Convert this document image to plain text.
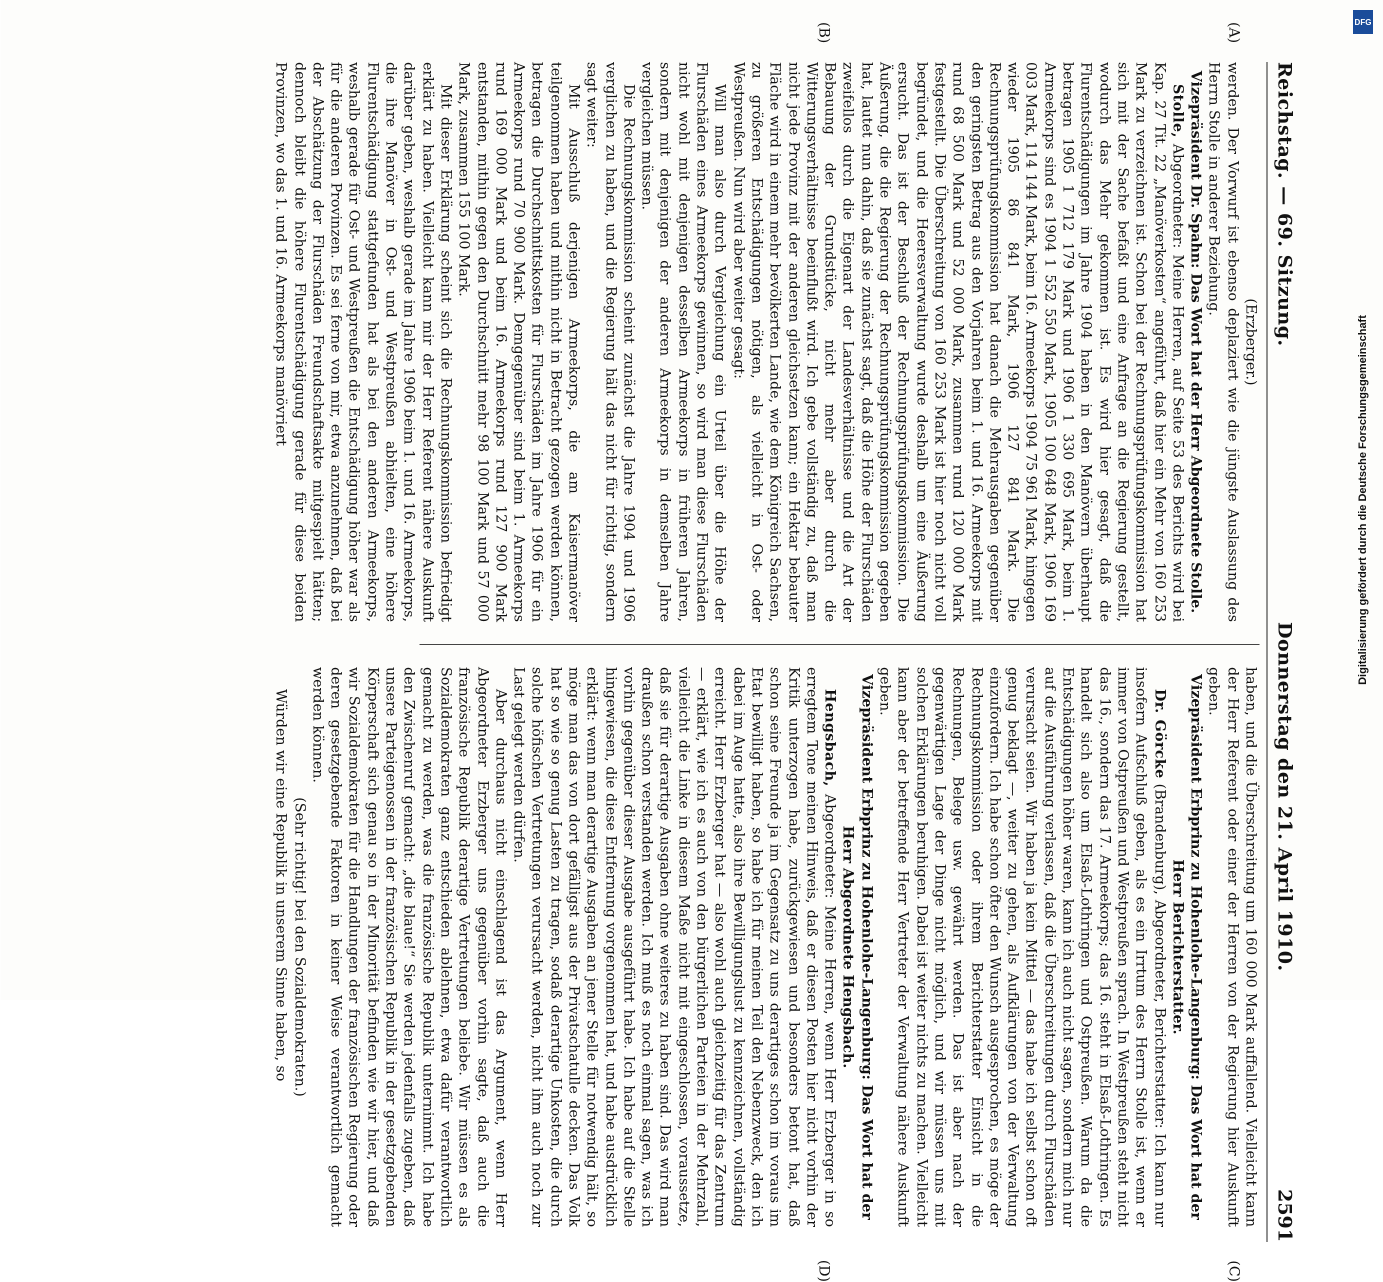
Reichstag. — 69. Sitzung.
Donnerstag den 21. April 1910.
2591

(Erzberger.)

werden. Der Vorwurf ist ebenso deplaziert wie die jüngste Auslassung des Herrn Stolle in anderer Beziehung.

Vizepräsident Dr. Spahn: Das Wort hat der Herr Abgeordnete Stolle.

Stolle, Abgeordneter: Meine Herren, auf Seite 53 des Berichts wird bei Kap. 27 Tit. 22 „Manöverkosten“ angeführt, daß hier ein Mehr von 160 253 Mark zu verzeichnen ist. Schon bei der Rechnungsprüfungskommission hat sich mit der Sache befaßt und eine Anfrage an die Regierung gestellt, wodurch das Mehr gekommen ist. Es wird hier gesagt, daß die Flurentschädigungen im Jahre 1904 haben in den Manövern überhaupt betragen 1905 1 712 179 Mark und 1906 1 330 695 Mark, beim 1. Armeekorps sind es 1904 1 552 550 Mark, 1905 100 648 Mark, 1906 169 003 Mark, 114 144 Mark, beim 16. Armeekorps 1904 75 961 Mark, hingegen wieder 1905 86 841 Mark, 1906 127 841 Mark. Die Rechnungsprüfungskommission hat danach die Mehrausgaben gegenüber den geringsten Betrag aus den Vorjahren beim 1. und 16. Armeekorps mit rund 68 500 Mark und 52 000 Mark, zusammen rund 120 000 Mark festgestellt. Die Überschreitung von 160 253 Mark ist hier noch nicht voll begründet, und die Heeresverwaltung wurde deshalb um eine Äußerung ersucht. Das ist der Beschluß der Rechnungsprüfungskommission. Die Äußerung, die die Regierung der Rechnungsprüfungskommission gegeben hat, lautet nun dahin, daß sie zunächst sagt, daß die Höhe der Flurschäden zweifellos durch die Eigenart der Landesverhältnisse und die Art der Bebauung der Grundstücke, nicht mehr aber durch die Witterungsverhältnisse beeinflußt wird. Ich gebe vollständig zu, daß man nicht jede Provinz mit der anderen gleichsetzen kann; ein Hektar bebauter Fläche wird in einem mehr bevölkerten Lande, wie dem Königreich Sachsen, zu größeren Entschädigungen nötigen, als vielleicht in Ost- oder Westpreußen. Nun wird aber weiter gesagt:

Will man also durch Vergleichung ein Urteil über die Höhe der Flurschäden eines Armeekorps gewinnen, so wird man diese Flurschäden nicht wohl mit denjenigen desselben Armeekorps in früheren Jahren, sondern mit denjenigen der anderen Armeekorps in demselben Jahre vergleichen müssen.

Die Rechnungskommission scheint zunächst die Jahre 1904 und 1906 verglichen zu haben, und die Regierung hält das nicht für richtig, sondern sagt weiter:

Mit Ausschluß derjenigen Armeekorps, die am Kaisermanöver teilgenommen haben und mithin nicht in Betracht gezogen werden können, betragen die Durchschnittskosten für Flurschäden im Jahre 1906 für ein Armeekorps rund 70 900 Mark. Demgegenüber sind beim 1. Armeekorps rund 169 000 Mark und beim 16. Armeekorps rund 127 900 Mark entstanden, mithin gegen den Durchschnitt mehr 98 100 Mark und 57 000 Mark, zusammen 155 100 Mark.

Mit dieser Erklärung scheint sich die Rechnungskommission befriedigt erklärt zu haben. Vielleicht kann mir der Herr Referent nähere Auskunft darüber geben, weshalb gerade im Jahre 1906 beim 1. und 16. Armeekorps, die ihre Manöver in Ost- und Westpreußen abhielten, eine höhere Flurentschädigung stattgefunden hat als bei den anderen Armeekorps, weshalb gerade für Ost- und Westpreußen die Entschädigung höher war als für die anderen Provinzen. Es sei ferne von mir, etwa anzunehmen, daß bei der Abschätzung der Flurschäden Freundschaftsakte mitgespielt hätten; dennoch bleibt die höhere Flurentschädigung gerade für diese beiden Provinzen, wo das 1. und 16. Armeekorps manövriert

haben, und die Überschreitung um 160 000 Mark auffallend. Vielleicht kann der Herr Referent oder einer der Herren von der Regierung hier Auskunft geben.

Vizepräsident Erbprinz zu Hohenlohe-Langenburg: Das Wort hat der Herr Berichterstatter.

Dr. Görcke (Brandenburg), Abgeordneter, Berichterstatter: Ich kann nur insofern Aufschluß geben, als es ein Irrtum des Herrn Stolle ist, wenn er immer von Ostpreußen und Westpreußen sprach. In Westpreußen steht nicht das 16., sondern das 17. Armeekorps; das 16. steht in Elsaß-Lothringen. Es handelt sich also um Elsaß-Lothringen und Ostpreußen. Warum da die Entschädigungen höher waren, kann ich auch nicht sagen, sondern mich nur auf die Ausführung verlassen, daß die Überschreitungen durch Flurschäden verursacht seien. Wir haben ja kein Mittel — das habe ich selbst schon oft genug beklagt —, weiter zu gehen, als Aufklärungen von der Verwaltung einzufordern. Ich habe schon öfter den Wunsch ausgesprochen, es möge der Rechnungskommission oder ihrem Berichterstatter Einsicht in die Rechnungen, Belege usw. gewährt werden. Das ist aber nach der gegenwärtigen Lage der Dinge nicht möglich, und wir müssen uns mit solchen Erklärungen beruhigen. Dabei ist weiter nichts zu machen. Vielleicht kann aber der betreffende Herr Vertreter der Verwaltung nähere Auskunft geben.

Vizepräsident Erbprinz zu Hohenlohe-Langenburg: Das Wort hat der Herr Abgeordnete Hengsbach.

Hengsbach, Abgeordneter: Meine Herren, wenn Herr Erzberger in so erregtem Tone meinen Hinweis, daß er diesen Posten hier nicht vorhin der Kritik unterzogen habe, zurückgewiesen und besonders betont hat, daß schon seine Freunde ja im Gegensatz zu uns derartiges schon im voraus im Etat bewilligt haben, so habe ich für meinen Teil den Nebenzweck, den ich dabei im Auge hatte, also ihre Bewilligungslust zu kennzeichnen, vollständig erreicht. Herr Erzberger hat — also wohl auch gleichzeitig für das Zentrum — erklärt, wie ich es auch von den bürgerlichen Parteien in der Mehrzahl, vielleicht die Linke in diesem Maße nicht mit eingeschlossen, voraussetze, daß sie für derartige Ausgaben ohne weiteres zu haben sind. Das wird man draußen schon verstanden werden. Ich muß es noch einmal sagen, was ich vorhin gegenüber dieser Ausgabe ausgeführt habe. Ich habe auf die Stelle hingewiesen, die diese Entfernung vorgenommen hat, und habe ausdrücklich erklärt: wenn man derartige Ausgaben an jener Stelle für notwendig hält, so möge man das von dort gefälligst aus der Privatschatulle decken. Das Volk hat so wie so genug Lasten zu tragen, sodaß derartige Unkosten, die durch solche höfischen Vertretungen verursacht werden, nicht ihm auch noch zur Last gelegt werden dürfen.

Aber durchaus nicht einschlagend ist das Argument, wenn Herr Abgeordneter Erzberger uns gegenüber vorhin sagte, daß auch die französische Republik derartige Vertretungen beliebe. Wir müssen es als Sozialdemokraten ganz entschieden ablehnen, etwa dafür verantwortlich gemacht zu werden, was die französische Republik unternimmt. Ich habe den Zwischenruf gemacht: „die blaue!“ Sie werden jedenfalls zugeben, daß unsere Parteigenossen in der französischen Republik in der gesetzgebenden Körperschaft sich genau so in der Minorität befinden wie wir hier, und daß wir Sozialdemokraten für die Handlungen der französischen Regierung oder deren gesetzgebende Faktoren in keiner Weise verantwortlich gemacht werden können.

(Sehr richtig! bei den Sozialdemokraten.)

Würden wir eine Republik in unserem Sinne haben, so

(A)
(B)
(C)
(D)
DFG
Digitalisierung gefördert durch die Deutsche Forschungsgemeinschaft
